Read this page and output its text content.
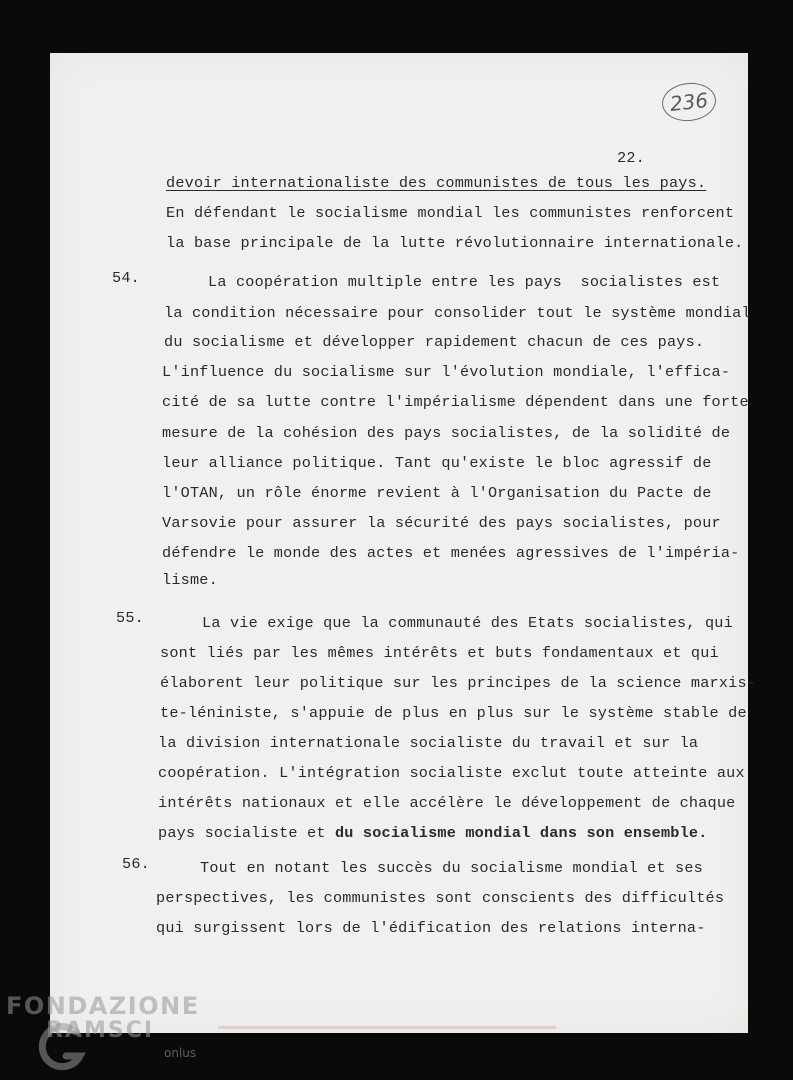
236
22.

devoir internationaliste des communistes de tous les pays.

En défendant le socialisme mondial les communistes renforcent

la base principale de la lutte révolutionnaire internationale.

54.	La coopération multiple entre les pays  socialistes est

la condition nécessaire pour consolider tout le système mondial

du socialisme et développer rapidement chacun de ces pays.

L'influence du socialisme sur l'évolution mondiale, l'effica-

cité de sa lutte contre l'impérialisme dépendent dans une forte

mesure de la cohésion des pays socialistes, de la solidité de

leur alliance politique. Tant qu'existe le bloc agressif de

l'OTAN, un rôle énorme revient à l'Organisation du Pacte de

Varsovie pour assurer la sécurité des pays socialistes, pour

défendre le monde des actes et menées agressives de l'impéria-

lisme.

55.	La vie exige que la communauté des Etats socialistes, qui

sont liés par les mêmes intérêts et buts fondamentaux et qui

élaborent leur politique sur les principes de la science marxis-

te-léniniste, s'appuie de plus en plus sur le système stable de

la division internationale socialiste du travail et sur la

coopération. L'intégration socialiste exclut toute atteinte aux

intérêts nationaux et elle accélère le développement de chaque

pays socialiste et du socialisme mondial dans son ensemble.

56.	Tout en notant les succès du socialisme mondial et ses

perspectives, les communistes sont conscients des difficultés

qui surgissent lors de l'édification des relations interna-

FONDAZIONE
RAMSCI
onlus
